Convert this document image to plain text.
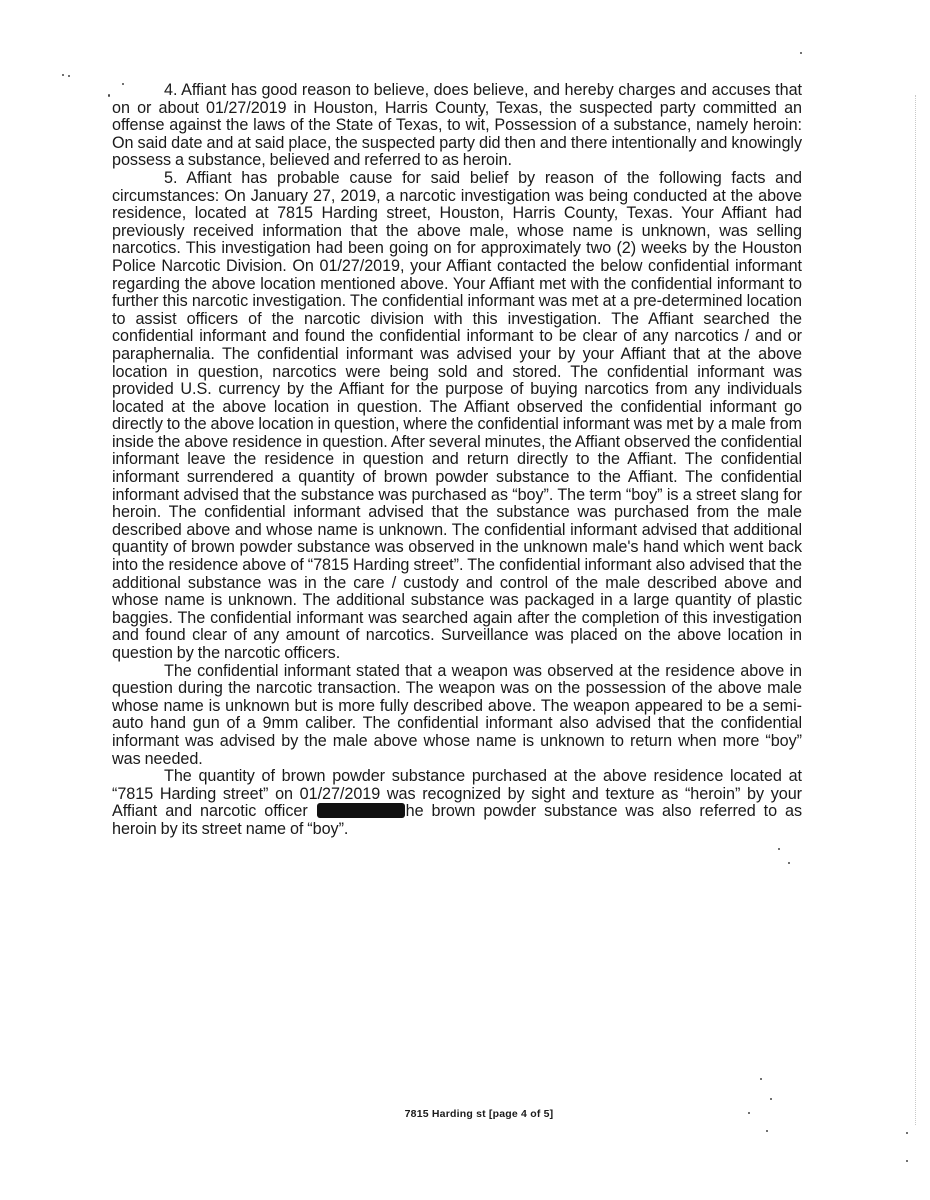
4. Affiant has good reason to believe, does believe, and hereby charges and accuses that on or about 01/27/2019 in Houston, Harris County, Texas, the suspected party committed an offense against the laws of the State of Texas, to wit, Possession of a substance, namely heroin: On said date and at said place, the suspected party did then and there intentionally and knowingly possess a substance, believed and referred to as heroin.

5. Affiant has probable cause for said belief by reason of the following facts and circumstances: On January 27, 2019, a narcotic investigation was being conducted at the above residence, located at 7815 Harding street, Houston, Harris County, Texas. Your Affiant had previously received information that the above male, whose name is unknown, was selling narcotics. This investigation had been going on for approximately two (2) weeks by the Houston Police Narcotic Division. On 01/27/2019, your Affiant contacted the below confidential informant regarding the above location mentioned above. Your Affiant met with the confidential informant to further this narcotic investigation. The confidential informant was met at a pre-determined location to assist officers of the narcotic division with this investigation. The Affiant searched the confidential informant and found the confidential informant to be clear of any narcotics / and or paraphernalia. The confidential informant was advised your by your Affiant that at the above location in question, narcotics were being sold and stored. The confidential informant was provided U.S. currency by the Affiant for the purpose of buying narcotics from any individuals located at the above location in question. The Affiant observed the confidential informant go directly to the above location in question, where the confidential informant was met by a male from inside the above residence in question. After several minutes, the Affiant observed the confidential informant leave the residence in question and return directly to the Affiant. The confidential informant surrendered a quantity of brown powder substance to the Affiant. The confidential informant advised that the substance was purchased as “boy”. The term “boy” is a street slang for heroin. The confidential informant advised that the substance was purchased from the male described above and whose name is unknown. The confidential informant advised that additional quantity of brown powder substance was observed in the unknown male's hand which went back into the residence above of “7815 Harding street”. The confidential informant also advised that the additional substance was in the care / custody and control of the male described above and whose name is unknown. The additional substance was packaged in a large quantity of plastic baggies. The confidential informant was searched again after the completion of this investigation and found clear of any amount of narcotics. Surveillance was placed on the above location in question by the narcotic officers.

The confidential informant stated that a weapon was observed at the residence above in question during the narcotic transaction. The weapon was on the possession of the above male whose name is unknown but is more fully described above. The weapon appeared to be a semi-auto hand gun of a 9mm caliber. The confidential informant also advised that the confidential informant was advised by the male above whose name is unknown to return when more “boy” was needed.

The quantity of brown powder substance purchased at the above residence located at “7815 Harding street” on 01/27/2019 was recognized by sight and texture as “heroin” by your Affiant and narcotic officer	he brown powder substance was also referred to as heroin by its street name of “boy”.

7815 Harding st [page 4 of 5]
